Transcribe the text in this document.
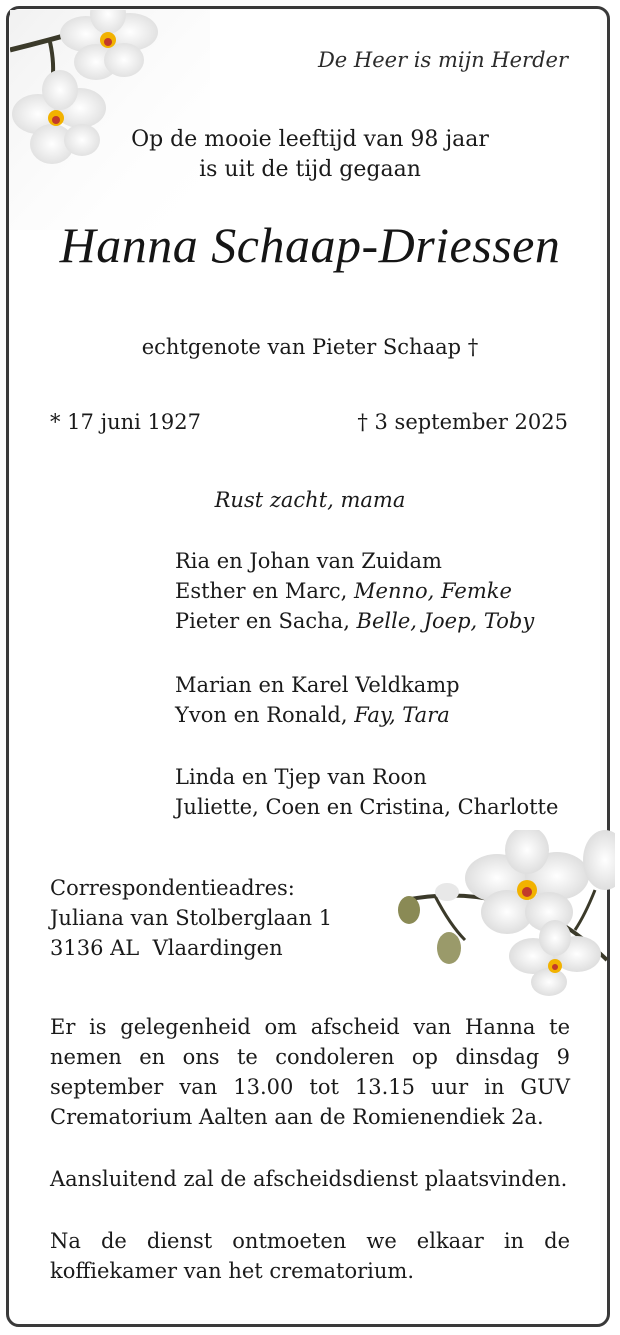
De Heer is mijn Herder
Op de mooie leeftijd van 98 jaar
is uit de tijd gegaan
Hanna Schaap-Driessen
echtgenote van Pieter Schaap †
* 17 juni 1927	† 3 september 2025
Rust zacht, mama
Ria en Johan van Zuidam
Esther en Marc, Menno, Femke
Pieter en Sacha, Belle, Joep, Toby
Marian en Karel Veldkamp
Yvon en Ronald, Fay, Tara
Linda en Tjep van Roon
Juliette, Coen en Cristina, Charlotte
Correspondentieadres:
Juliana van Stolberglaan 1
3136 AL  Vlaardingen
Er is gelegenheid om afscheid van Hanna te nemen en ons te condoleren op dinsdag 9 september van 13.00 tot 13.15 uur in GUV Crematorium Aalten aan de Romienendiek 2a.
Aansluitend zal de afscheidsdienst plaatsvinden.
Na de dienst ontmoeten we elkaar in de koffiekamer van het crematorium.
